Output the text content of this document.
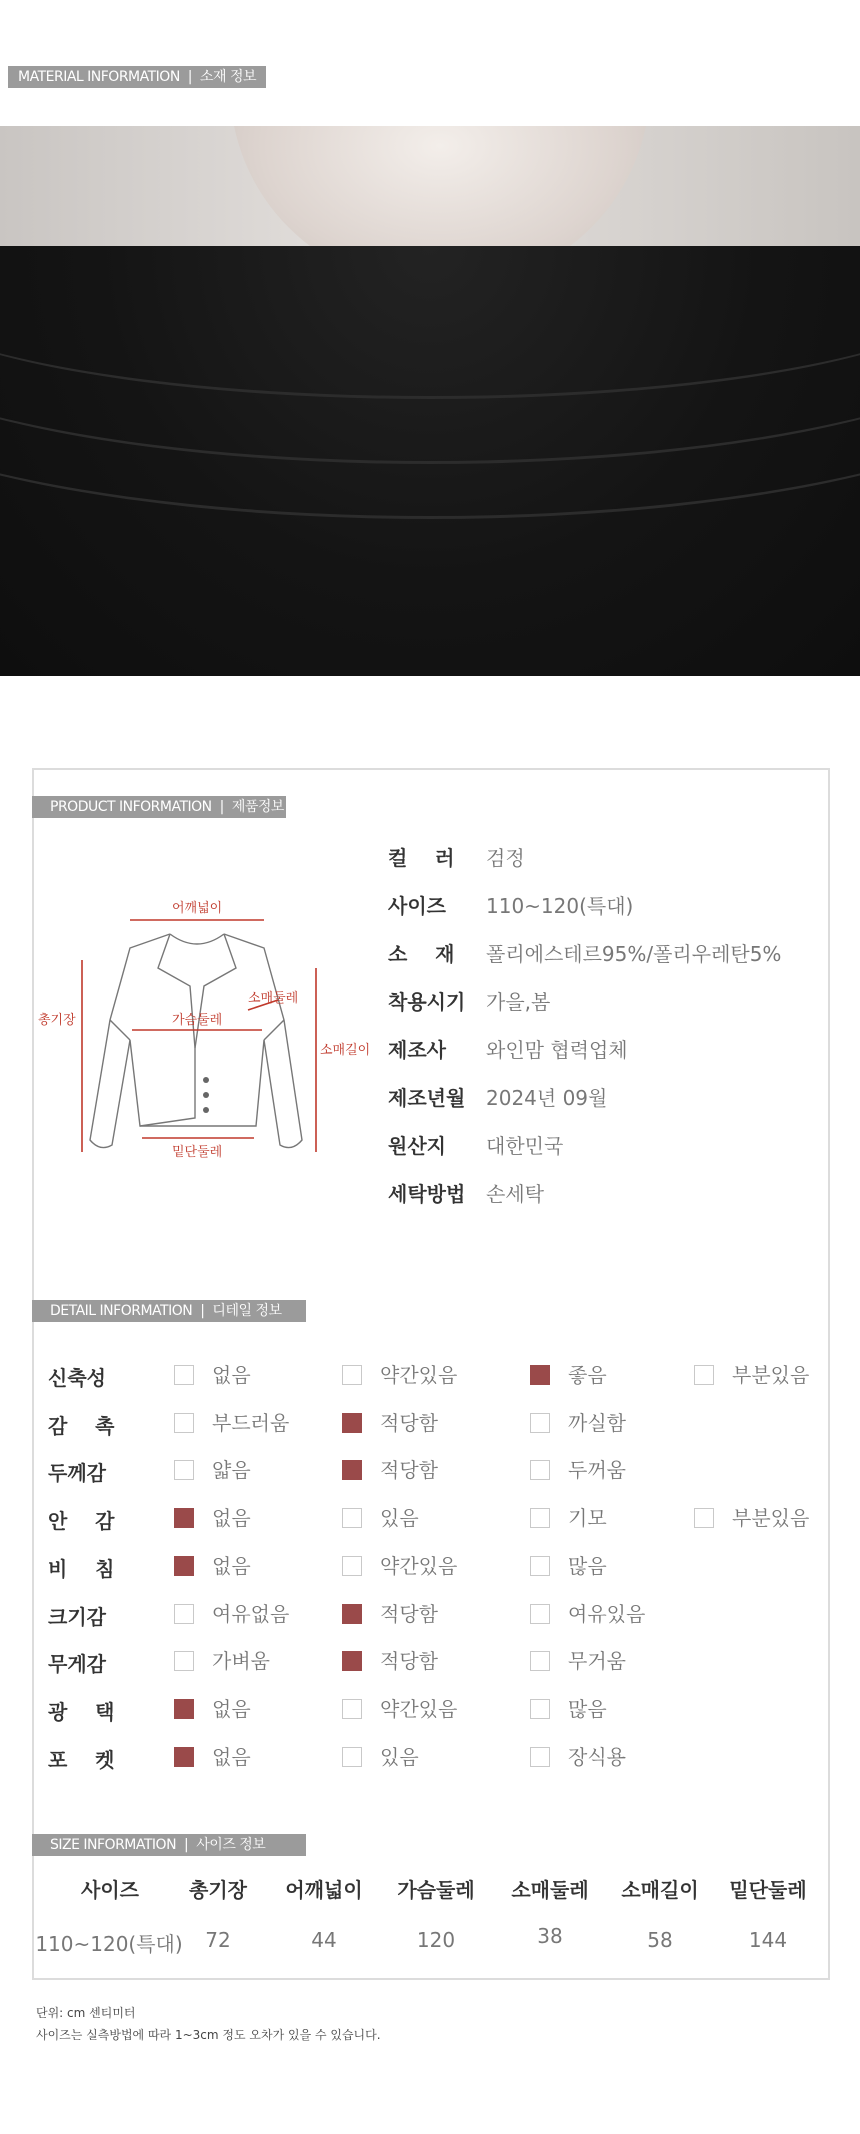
MATERIAL INFORMATION | 소재 정보
PRODUCT INFORMATION | 제품정보
어깨넓이
총기장	가슴둘레
소매둘레
소매길이
밑단둘레
컬    러	검정
사이즈	110~120(특대)
소    재	폴리에스테르95%/폴리우레탄5%
착용시기	가을,봄
제조사	와인맘 협력업체
제조년월	2024년 09월
원산지	대한민국
세탁방법	손세탁
DETAIL INFORMATION | 디테일 정보
신축성	없음	약간있음	좋음	부분있음
감    촉	부드러움	적당함	까실함
두께감	얇음	적당함	두꺼움
안    감	없음	있음	기모	부분있음
비    침	없음	약간있음	많음
크기감	여유없음	적당함	여유있음
무게감	가벼움	적당함	무거움
광    택	없음	약간있음	많음
포    켓	없음	있음	장식용
SIZE INFORMATION | 사이즈 정보
사이즈	총기장	어깨넓이	가슴둘레	소매둘레	소매길이	밑단둘레
110~120(특대)	72	44	120	38	58	144
단위: cm 센티미터
사이즈는 실측방법에 따라 1~3cm 정도 오차가 있을 수 있습니다.
